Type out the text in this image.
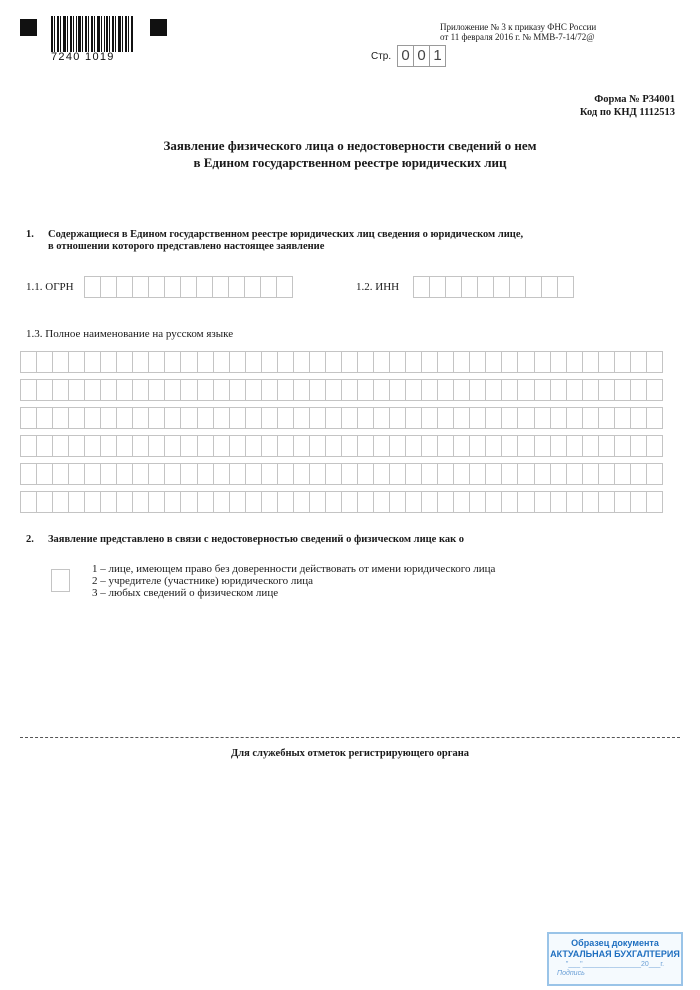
7240 1019
Приложение № 3 к приказу ФНС России
от 11 февраля 2016 г. № ММВ-7-14/72@
Стр. 0 0 1
Форма № Р34001
Код по КНД 1112513
Заявление физического лица о недостоверности сведений о нем
в Едином государственном реестре юридических лиц
1. Содержащиеся в Едином государственном реестре юридических лиц сведения о юридическом лице,
в отношении которого представлено настоящее заявление
1.1. ОГРН	1.2. ИНН
1.3. Полное наименование на русском языке
2. Заявление представлено в связи с недостоверностью сведений о физическом лице как о
1 – лице, имеющем право без доверенности действовать от имени юридического лица
2 – учредителе (участнике) юридического лица
3 – любых сведений о физическом лице
Для служебных отметок регистрирующего органа
Образец документа
АКТУАЛЬНАЯ БУХГАЛТЕРИЯ
"___"_______________20___г.
Подпись
